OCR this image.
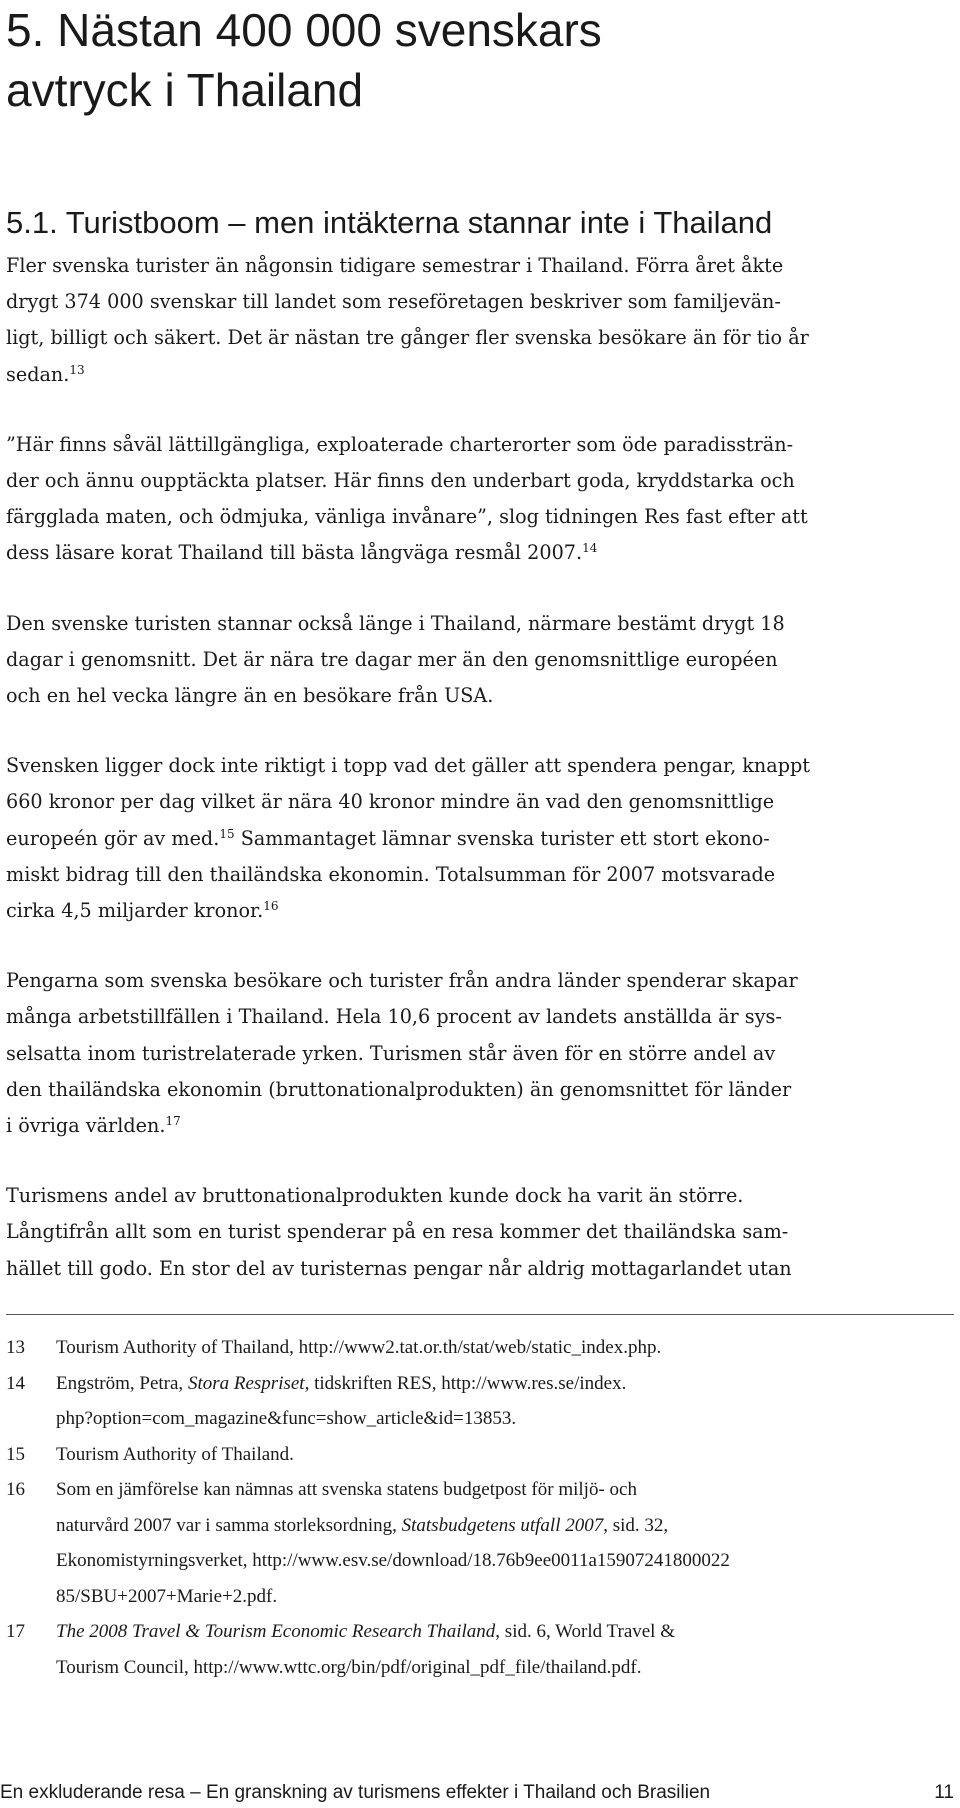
5. Nästan 400 000 svenskars
avtryck i Thailand
5.1. Turistboom – men intäkterna stannar inte i Thailand

Fler svenska turister än någonsin tidigare semestrar i Thailand. Förra året åkte
drygt 374 000 svenskar till landet som reseföretagen beskriver som familjevän-
ligt, billigt och säkert. Det är nästan tre gånger fler svenska besökare än för tio år
sedan.$^{13}$

”Här finns såväl lättillgängliga, exploaterade charterorter som öde paradissträn-
der och ännu oupptäckta platser. Här finns den underbart goda, kryddstarka och
färgglada maten, och ödmjuka, vänliga invånare”, slog tidningen Res fast efter att
dess läsare korat Thailand till bästa långväga resmål 2007.14

Den svenske turisten stannar också länge i Thailand, närmare bestämt drygt 18
dagar i genomsnitt. Det är nära tre dagar mer än den genomsnittlige européen
och en hel vecka längre än en besökare från USA.

Svensken ligger dock inte riktigt i topp vad det gäller att spendera pengar, knappt
660 kronor per dag vilket är nära 40 kronor mindre än vad den genomsnittlige
europeén gör av med.$^{15}$ Sammantaget lämnar svenska turister ett stort ekono-
miskt bidrag till den thailändska ekonomin. Totalsumman för 2007 motsvarade
cirka 4,5 miljarder kronor.$^{16}$

Pengarna som svenska besökare och turister från andra länder spenderar skapar
många arbetstillfällen i Thailand. Hela 10,6 procent av landets anställda är sys-
selsatta inom turistrelaterade yrken. Turismen står även för en större andel av
den thailändska ekonomin (bruttonationalprodukten) än genomsnittet för länder
i övriga världen.$^{17}$

Turismens andel av bruttonationalprodukten kunde dock ha varit än större.
Långtifrån allt som en turist spenderar på en resa kommer det thailändska sam-
hället till godo. En stor del av turisternas pengar når aldrig mottagarlandet utan

13 Tourism Authority of Thailand, http://www2.tat.or.th/stat/web/static_index.php.
14 Engström, Petra, Stora Respriset, tidskriften RES, http://www.res.se/index.
php?option=com_magazine&func=show_article&id=13853.
15 Tourism Authority of Thailand.
16 Som en jämförelse kan nämnas att svenska statens budgetpost för miljö- och
naturvård 2007 var i samma storleksordning, Statsbudgetens utfall 2007, sid. 32,
Ekonomistyrningsverket, http://www.esv.se/download/18.76b9ee0011a15907241800022
85/SBU+2007+Marie+2.pdf.
17 The 2008 Travel & Tourism Economic Research Thailand, sid. 6, World Travel &
Tourism Council, http://www.wttc.org/bin/pdf/original_pdf_file/thailand.pdf.
En exkluderande resa – En granskning av turismens effekter i Thailand och Brasilien	11
